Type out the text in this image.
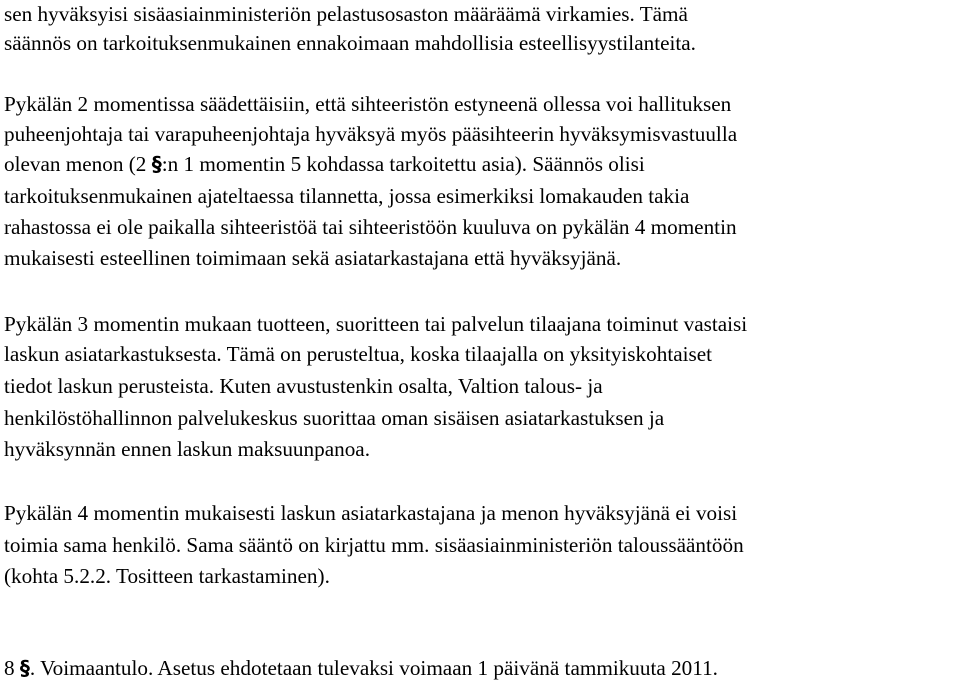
sen hyväksyisi sisäasiainministeriön pelastusosaston määräämä virkamies. Tämä
säännös on tarkoituksenmukainen ennakoimaan mahdollisia esteellisyystilanteita.
Pykälän 2 momentissa säädettäisiin, että sihteeristön estyneenä ollessa voi hallituksen
puheenjohtaja tai varapuheenjohtaja hyväksyä myös pääsihteerin hyväksymisvastuulla
olevan menon (2 §:n 1 momentin 5 kohdassa tarkoitettu asia). Säännös olisi
tarkoituksenmukainen ajateltaessa tilannetta, jossa esimerkiksi lomakauden takia
rahastossa ei ole paikalla sihteeristöä tai sihteeristöön kuuluva on pykälän 4 momentin
mukaisesti esteellinen toimimaan sekä asiatarkastajana että hyväksyjänä.
Pykälän 3 momentin mukaan tuotteen, suoritteen tai palvelun tilaajana toiminut vastaisi
laskun asiatarkastuksesta. Tämä on perusteltua, koska tilaajalla on yksityiskohtaiset
tiedot laskun perusteista. Kuten avustustenkin osalta, Valtion talous- ja
henkilöstöhallinnon palvelukeskus suorittaa oman sisäisen asiatarkastuksen ja
hyväksynnän ennen laskun maksuunpanoa.
Pykälän 4 momentin mukaisesti laskun asiatarkastajana ja menon hyväksyjänä ei voisi
toimia sama henkilö. Sama sääntö on kirjattu mm. sisäasiainministeriön taloussääntöön
(kohta 5.2.2. Tositteen tarkastaminen).
8 §. Voimaantulo. Asetus ehdotetaan tulevaksi voimaan 1 päivänä tammikuuta 2011.
